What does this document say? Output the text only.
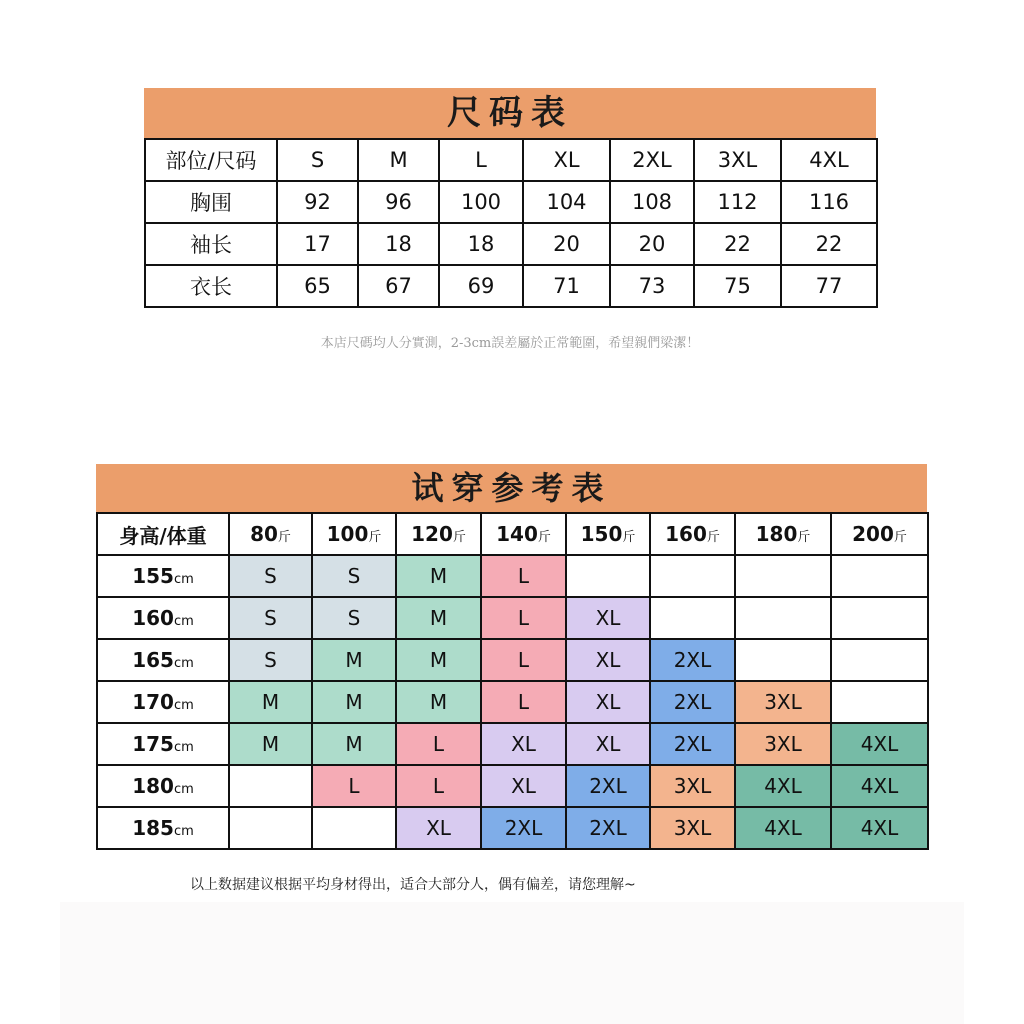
尺码表
部位/尺码	S	M	L	XL	2XL	3XL	4XL
胸围	92	96	100	104	108	112	116
袖长	17	18	18	20	20	22	22
衣长	65	67	69	71	73	75	77
本店尺碼均人分實測，2-3cm誤差屬於正常範圍，希望親們梁潔！
试穿参考表
身高/体重	80斤	100斤	120斤	140斤	150斤	160斤	180斤	200斤
155cm	S	S	M	L				
160cm	S	S	M	L	XL			
165cm	S	M	M	L	XL	2XL		
170cm	M	M	M	L	XL	2XL	3XL	
175cm	M	M	L	XL	XL	2XL	3XL	4XL
180cm		L	L	XL	2XL	3XL	4XL	4XL
185cm			XL	2XL	2XL	3XL	4XL	4XL
以上数据建议根据平均身材得出，适合大部分人，偶有偏差，请您理解~
